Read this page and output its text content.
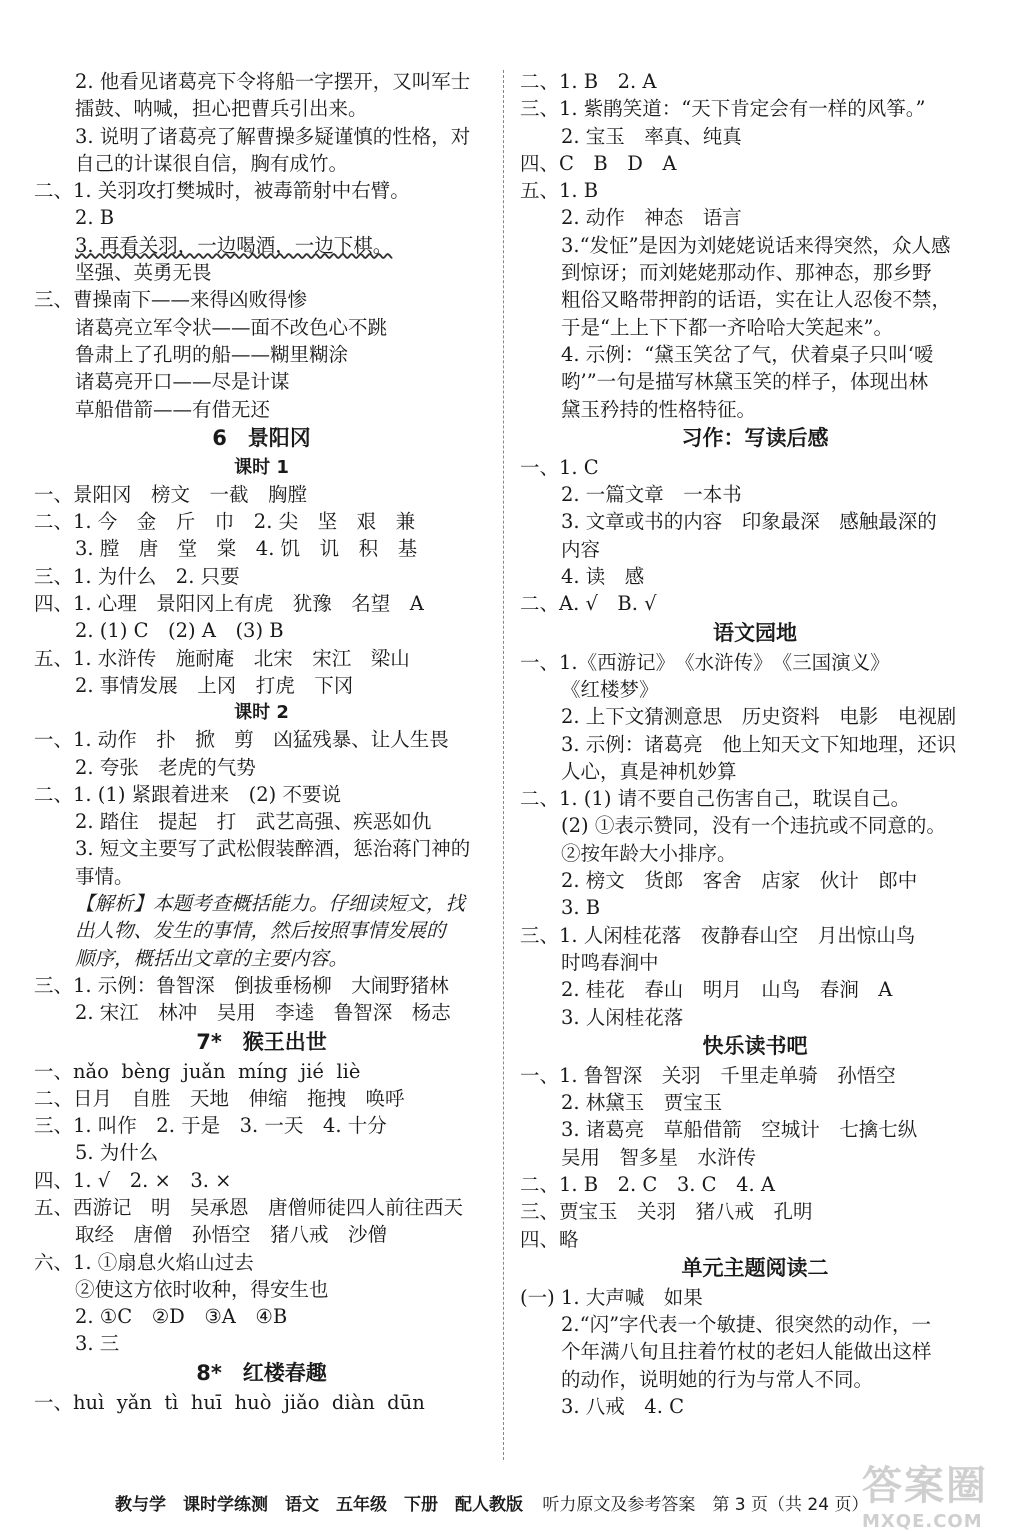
2. 他看见诸葛亮下令将船一字摆开，又叫军士
擂鼓、呐喊，担心把曹兵引出来。
3. 说明了诸葛亮了解曹操多疑谨慎的性格，对
自己的计谋很自信，胸有成竹。
二、1. 关羽攻打樊城时，被毒箭射中右臂。
2. B
3. 再看关羽，一边喝酒，一边下棋。
坚强、英勇无畏
三、曹操南下——来得凶败得惨
诸葛亮立军令状——面不改色心不跳
鲁肃上了孔明的船——糊里糊涂
诸葛亮开口——尽是计谋
草船借箭——有借无还
6　景阳冈
课时 1
一、景阳冈　榜文　一截　胸膛
二、1. 今　金　斤　巾　2. 尖　坚　艰　兼
3. 膛　唐　堂　棠　4. 饥　讥　积　基
三、1. 为什么　2. 只要
四、1. 心理　景阳冈上有虎　犹豫　名望　A
2. (1) C　(2) A　(3) B
五、1. 水浒传　施耐庵　北宋　宋江　梁山
2. 事情发展　上冈　打虎　下冈
课时 2
一、1. 动作　扑　掀　剪　凶猛残暴、让人生畏
2. 夸张　老虎的气势
二、1. (1) 紧跟着进来　(2) 不要说
2. 踏住　提起　打　武艺高强、疾恶如仇
3. 短文主要写了武松假装醉酒，惩治蒋门神的
事情。
【解析】本题考查概括能力。仔细读短文，找
出人物、发生的事情，然后按照事情发展的
顺序，概括出文章的主要内容。
三、1. 示例：鲁智深　倒拔垂杨柳　大闹野猪林
2. 宋江　林冲　吴用　李逵　鲁智深　杨志
7*　猴王出世
一、nǎo  bèng  juǎn  míng  jié  liè
二、日月　自胜　天地　伸缩　拖拽　唤呼
三、1. 叫作　2. 于是　3. 一天　4. 十分
5. 为什么
四、1. √　2. ×　3. ×
五、西游记　明　吴承恩　唐僧师徒四人前往西天
取经　唐僧　孙悟空　猪八戒　沙僧
六、1. ①扇息火焰山过去
②使这方依时收种，得安生也
2. ①C　②D　③A　④B
3. 三
8*　红楼春趣
一、huì  yǎn  tì  huī  huò  jiǎo  diàn  dūn
二、1. B　2. A
三、1. 紫鹃笑道：“天下肯定会有一样的风筝。”
2. 宝玉　率真、纯真
四、C　B　D　A
五、1. B
2. 动作　神态　语言
3.“发怔”是因为刘姥姥说话来得突然，众人感
到惊讶；而刘姥姥那动作、那神态，那乡野
粗俗又略带押韵的话语，实在让人忍俊不禁，
于是“上上下下都一齐哈哈大笑起来”。
4. 示例：“黛玉笑岔了气，伏着桌子只叫‘嗳
哟’”一句是描写林黛玉笑的样子，体现出林
黛玉矜持的性格特征。
习作：写读后感
一、1. C
2. 一篇文章　一本书
3. 文章或书的内容　印象最深　感触最深的
内容
4. 读　感
二、A. √　B. √
语文园地
一、1.《西游记》　《水浒传》　《三国演义》
《红楼梦》
2. 上下文猜测意思　历史资料　电影　电视剧
3. 示例：诸葛亮　他上知天文下知地理，还识
人心，真是神机妙算
二、1. (1) 请不要自己伤害自己，耽误自己。
(2) ①表示赞同，没有一个违抗或不同意的。
②按年龄大小排序。
2. 榜文　货郎　客舍　店家　伙计　郎中
3. B
三、1. 人闲桂花落　夜静春山空　月出惊山鸟
时鸣春涧中
2. 桂花　春山　明月　山鸟　春涧　A
3. 人闲桂花落
快乐读书吧
一、1. 鲁智深　关羽　千里走单骑　孙悟空
2. 林黛玉　贾宝玉
3. 诸葛亮　草船借箭　空城计　七擒七纵
吴用　智多星　水浒传
二、1. B　2. C　3. C　4. A
三、贾宝玉　关羽　猪八戒　孔明
四、略
单元主题阅读二
(一) 1. 大声喊　如果
2.“闪”字代表一个敏捷、很突然的动作，一
个年满八旬且拄着竹杖的老妇人能做出这样
的动作，说明她的行为与常人不同。
3. 八戒　4. C
教与学　课时学练测　语文　五年级　下册　配人教版 听力原文及参考答案　第 3 页（共 24 页）
答案圈
MXQE.COM
